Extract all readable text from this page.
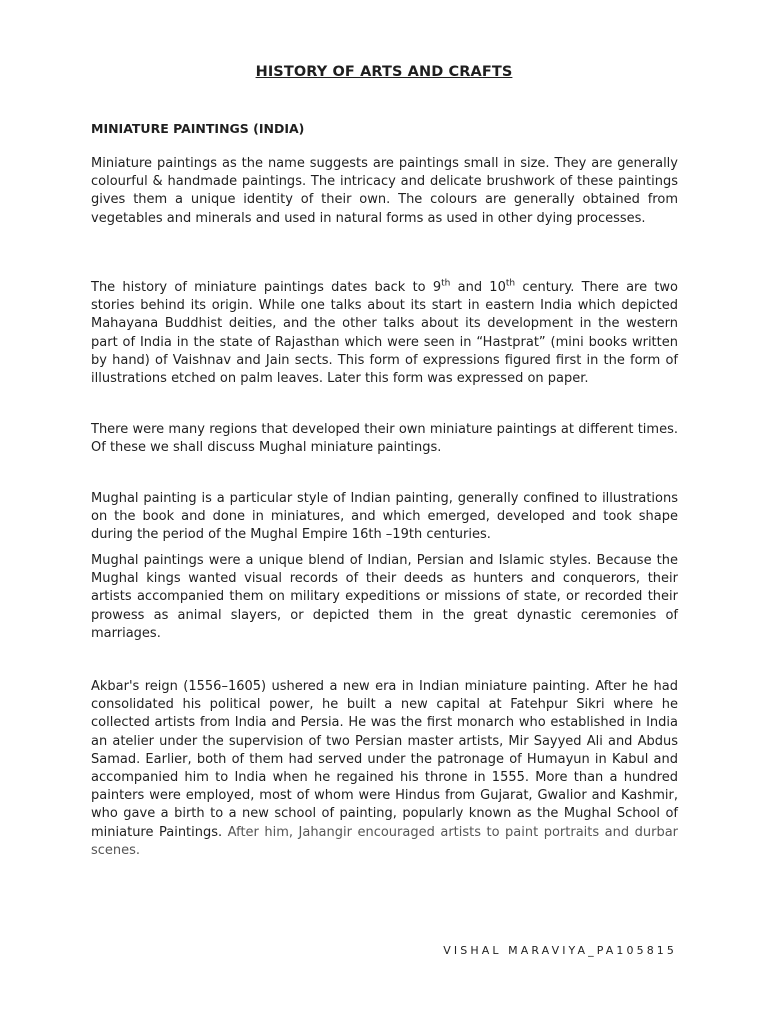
HISTORY OF ARTS AND CRAFTS
MINIATURE PAINTINGS (INDIA)

Miniature paintings as the name suggests are paintings small in size. They are generally colourful & handmade paintings. The intricacy and delicate brushwork of these paintings gives them a unique identity of their own. The colours are generally obtained from vegetables and minerals and used in natural forms as used in other dying processes.

The history of miniature paintings dates back to 9th and 10th century. There are two stories behind its origin. While one talks about its start in eastern India which depicted Mahayana Buddhist deities, and the other talks about its development in the western part of India in the state of Rajasthan which were seen in “Hastprat” (mini books written by hand) of Vaishnav and Jain sects. This form of expressions figured first in the form of illustrations etched on palm leaves. Later this form was expressed on paper.

There were many regions that developed their own miniature paintings at different times. Of these we shall discuss Mughal miniature paintings.

Mughal painting is a particular style of Indian painting, generally confined to illustrations on the book and done in miniatures, and which emerged, developed and took shape during the period of the Mughal Empire 16th –19th centuries.

Mughal paintings were a unique blend of Indian, Persian and Islamic styles. Because the Mughal kings wanted visual records of their deeds as hunters and conquerors, their artists accompanied them on military expeditions or missions of state, or recorded their prowess as animal slayers, or depicted them in the great dynastic ceremonies of marriages.

Akbar's reign (1556–1605) ushered a new era in Indian miniature painting. After he had consolidated his political power, he built a new capital at Fatehpur Sikri where he collected artists from India and Persia. He was the first monarch who established in India an atelier under the supervision of two Persian master artists, Mir Sayyed Ali and Abdus Samad. Earlier, both of them had served under the patronage of Humayun in Kabul and accompanied him to India when he regained his throne in 1555. More than a hundred painters were employed, most of whom were Hindus from Gujarat, Gwalior and Kashmir, who gave a birth to a new school of painting, popularly known as the Mughal School of miniature Paintings. After him, Jahangir encouraged artists to paint portraits and durbar scenes.

VISHAL MARAVIYA_PA105815
